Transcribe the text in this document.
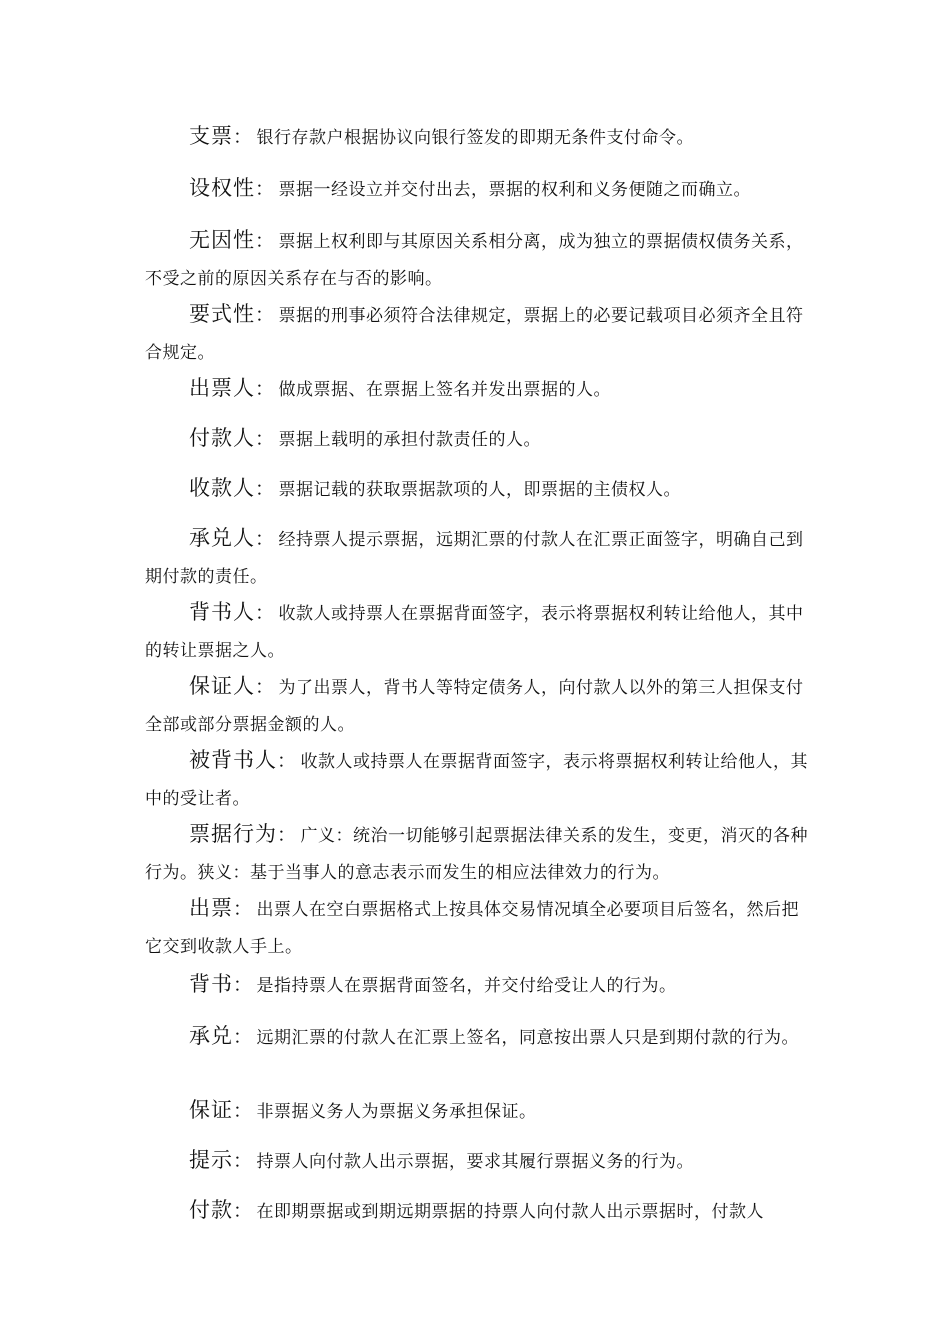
支票： 银行存款户根据协议向银行签发的即期无条件支付命令。

设权性： 票据一经设立并交付出去，票据的权利和义务便随之而确立。

无因性： 票据上权利即与其原因关系相分离，成为独立的票据债权债务关系，不受之前的原因关系存在与否的影响。

要式性： 票据的刑事必须符合法律规定，票据上的必要记载项目必须齐全且符合规定。

出票人： 做成票据、在票据上签名并发出票据的人。

付款人： 票据上载明的承担付款责任的人。

收款人： 票据记载的获取票据款项的人，即票据的主债权人。

承兑人： 经持票人提示票据，远期汇票的付款人在汇票正面签字，明确自己到期付款的责任。

背书人： 收款人或持票人在票据背面签字，表示将票据权利转让给他人，其中的转让票据之人。

保证人： 为了出票人，背书人等特定债务人，向付款人以外的第三人担保支付全部或部分票据金额的人。

被背书人： 收款人或持票人在票据背面签字，表示将票据权利转让给他人，其中的受让者。

票据行为： 广义：统治一切能够引起票据法律关系的发生，变更，消灭的各种行为。狭义：基于当事人的意志表示而发生的相应法律效力的行为。

出票： 出票人在空白票据格式上按具体交易情况填全必要项目后签名，然后把它交到收款人手上。

背书： 是指持票人在票据背面签名，并交付给受让人的行为。

承兑： 远期汇票的付款人在汇票上签名，同意按出票人只是到期付款的行为。

保证： 非票据义务人为票据义务承担保证。

提示： 持票人向付款人出示票据，要求其履行票据义务的行为。

付款： 在即期票据或到期远期票据的持票人向付款人出示票据时，付款人
